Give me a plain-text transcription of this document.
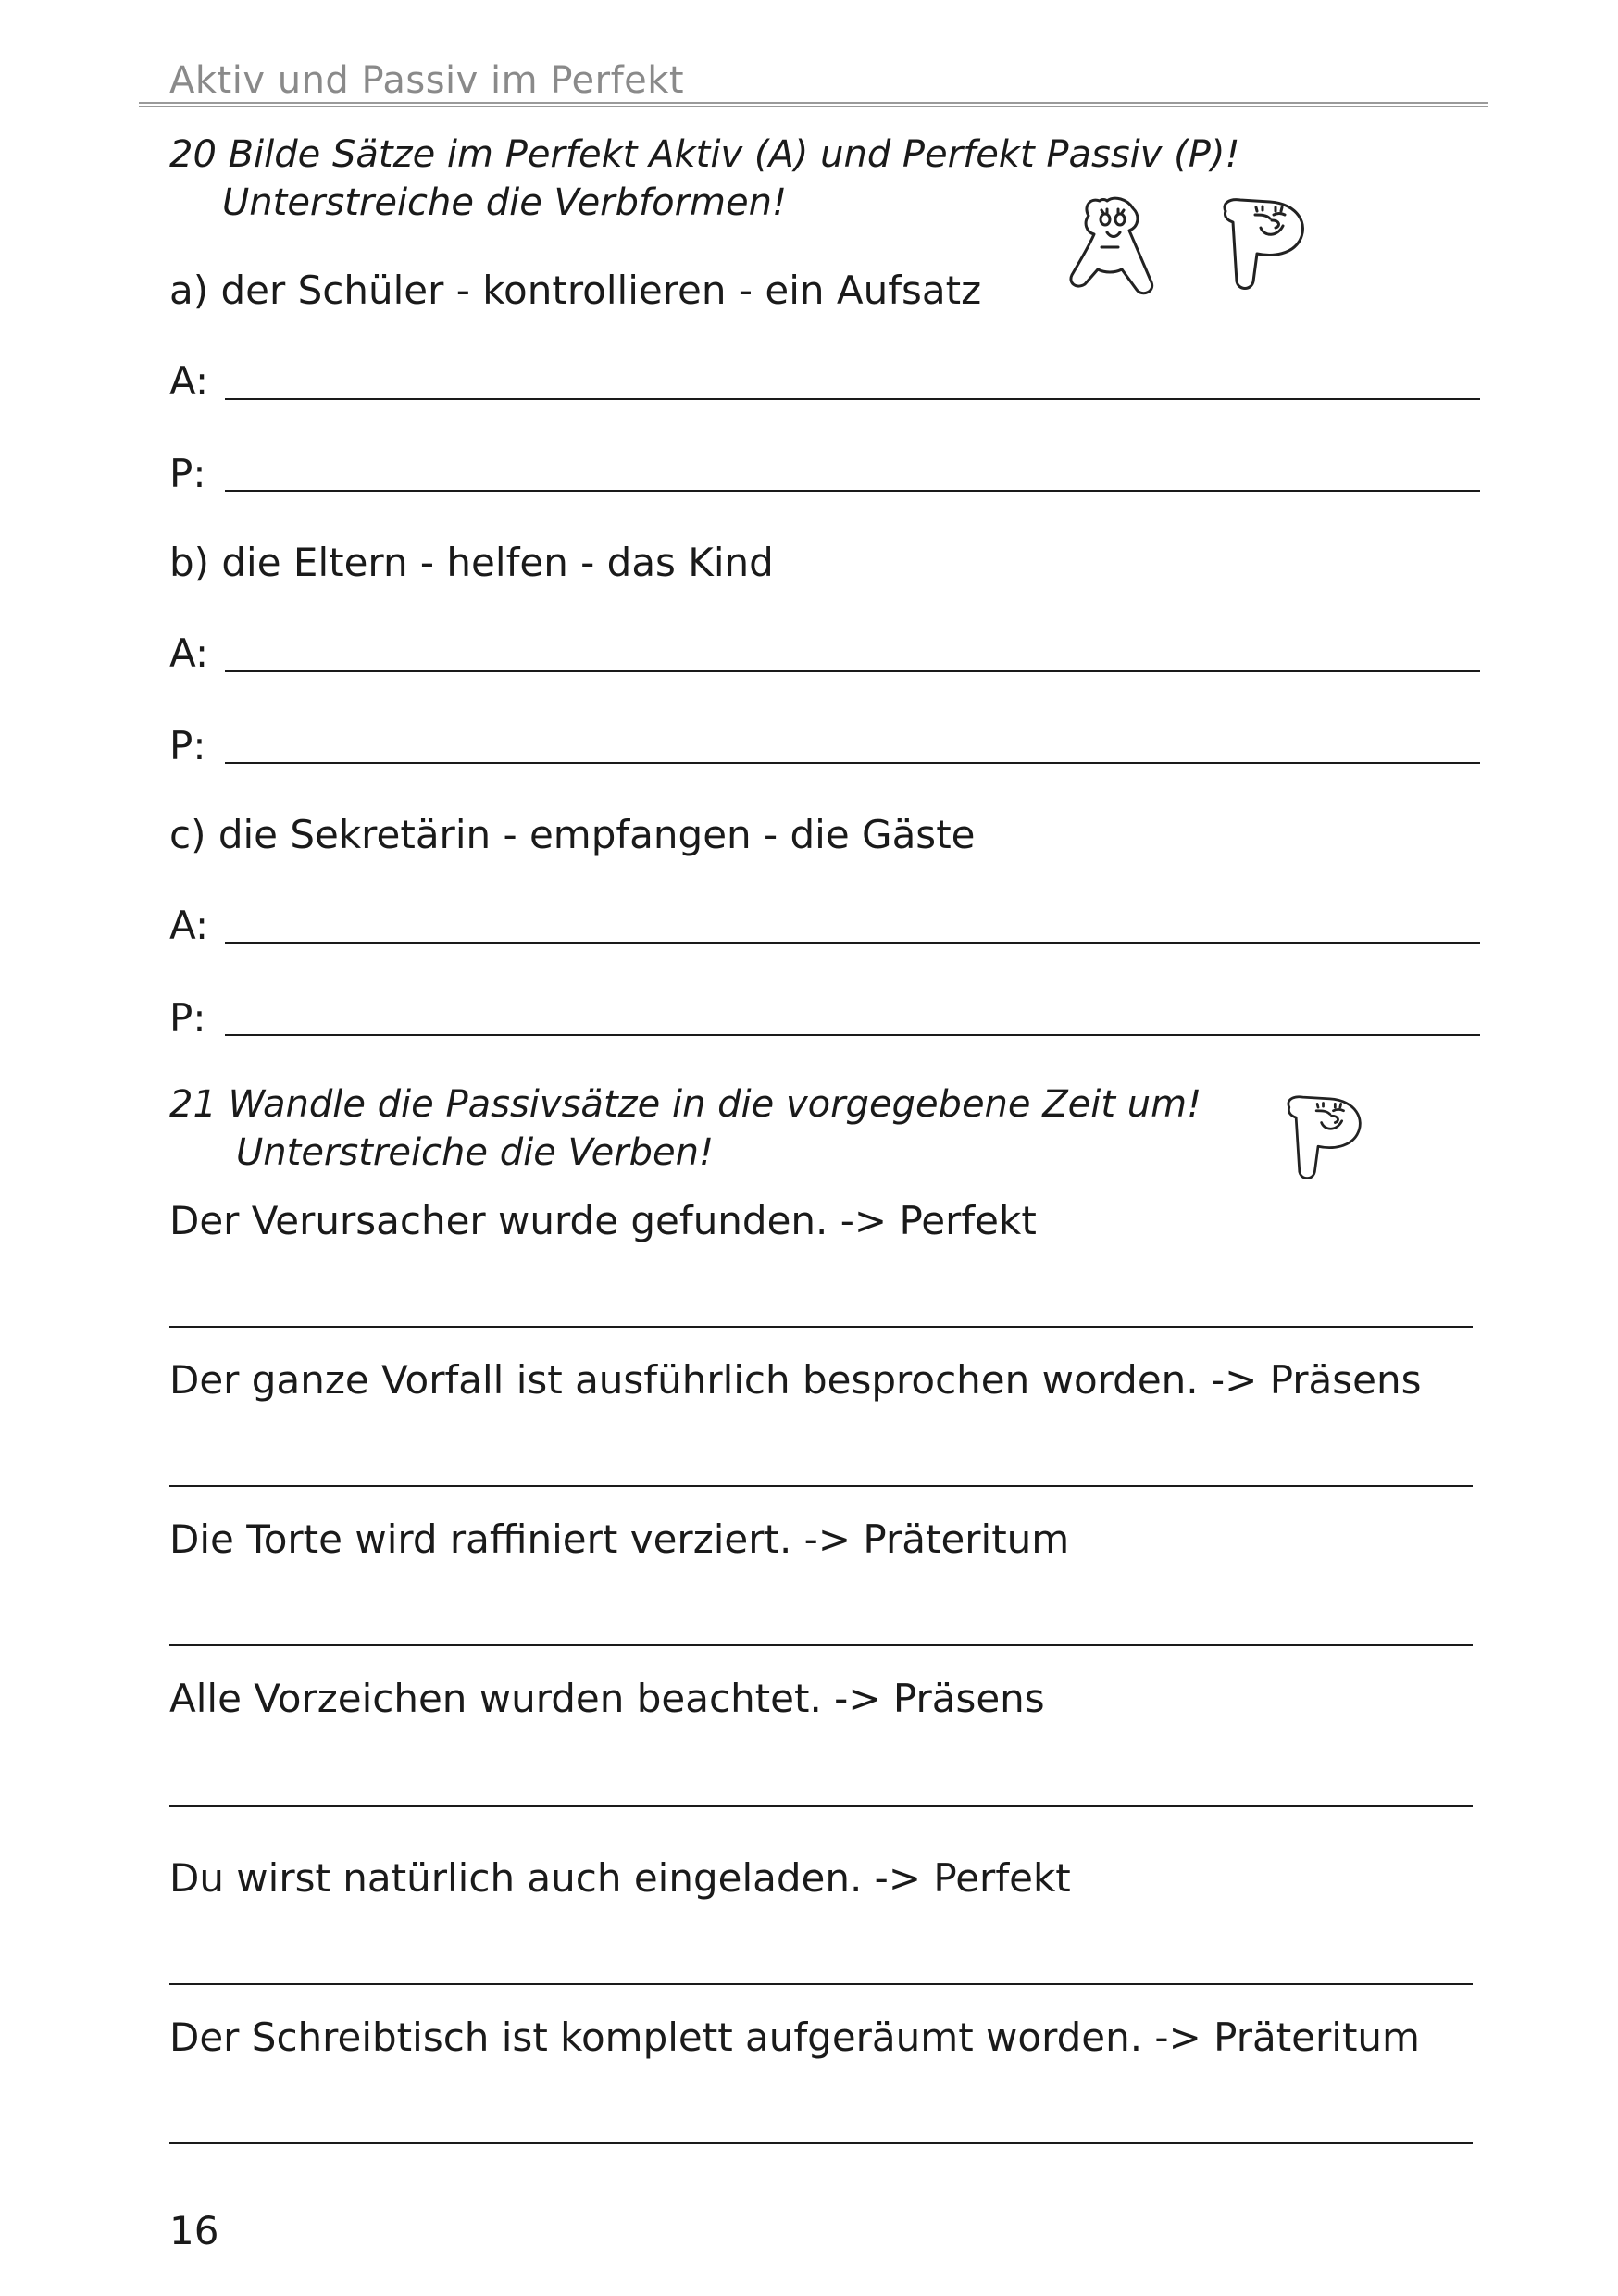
Aktiv und Passiv im Perfekt
20 Bilde Sätze im Perfekt Aktiv (A) und Perfekt Passiv (P)!
Unterstreiche die Verbformen!
a) der Schüler - kontrollieren - ein Aufsatz
A:
P:
b) die Eltern - helfen - das Kind
A:
P:
c) die Sekretärin - empfangen - die Gäste
A:
P:
21 Wandle die Passivsätze in die vorgegebene Zeit um!
Unterstreiche die Verben!
Der Verursacher wurde gefunden. -> Perfekt
Der ganze Vorfall ist ausführlich besprochen worden. -> Präsens
Die Torte wird raffiniert verziert. -> Präteritum
Alle Vorzeichen wurden beachtet. -> Präsens
Du wirst natürlich auch eingeladen. -> Perfekt
Der Schreibtisch ist komplett aufgeräumt worden. -> Präteritum
16
